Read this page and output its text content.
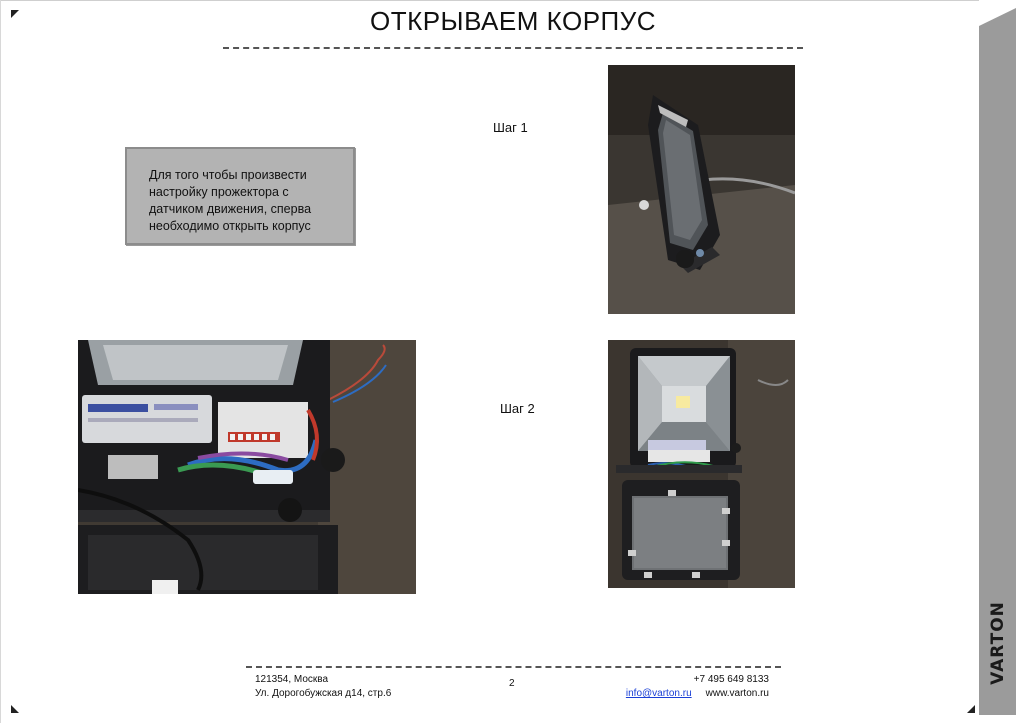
ОТКРЫВАЕМ КОРПУС
Для того чтобы произвести настройку прожектора с датчиком движения, сперва необходимо открыть корпус
Шаг 1
Шаг 2
VARTON
121354, Москва
Ул. Дорогобужская д14, стр.6
2	+7 495 649 8133
info@varton.ru www.varton.ru
